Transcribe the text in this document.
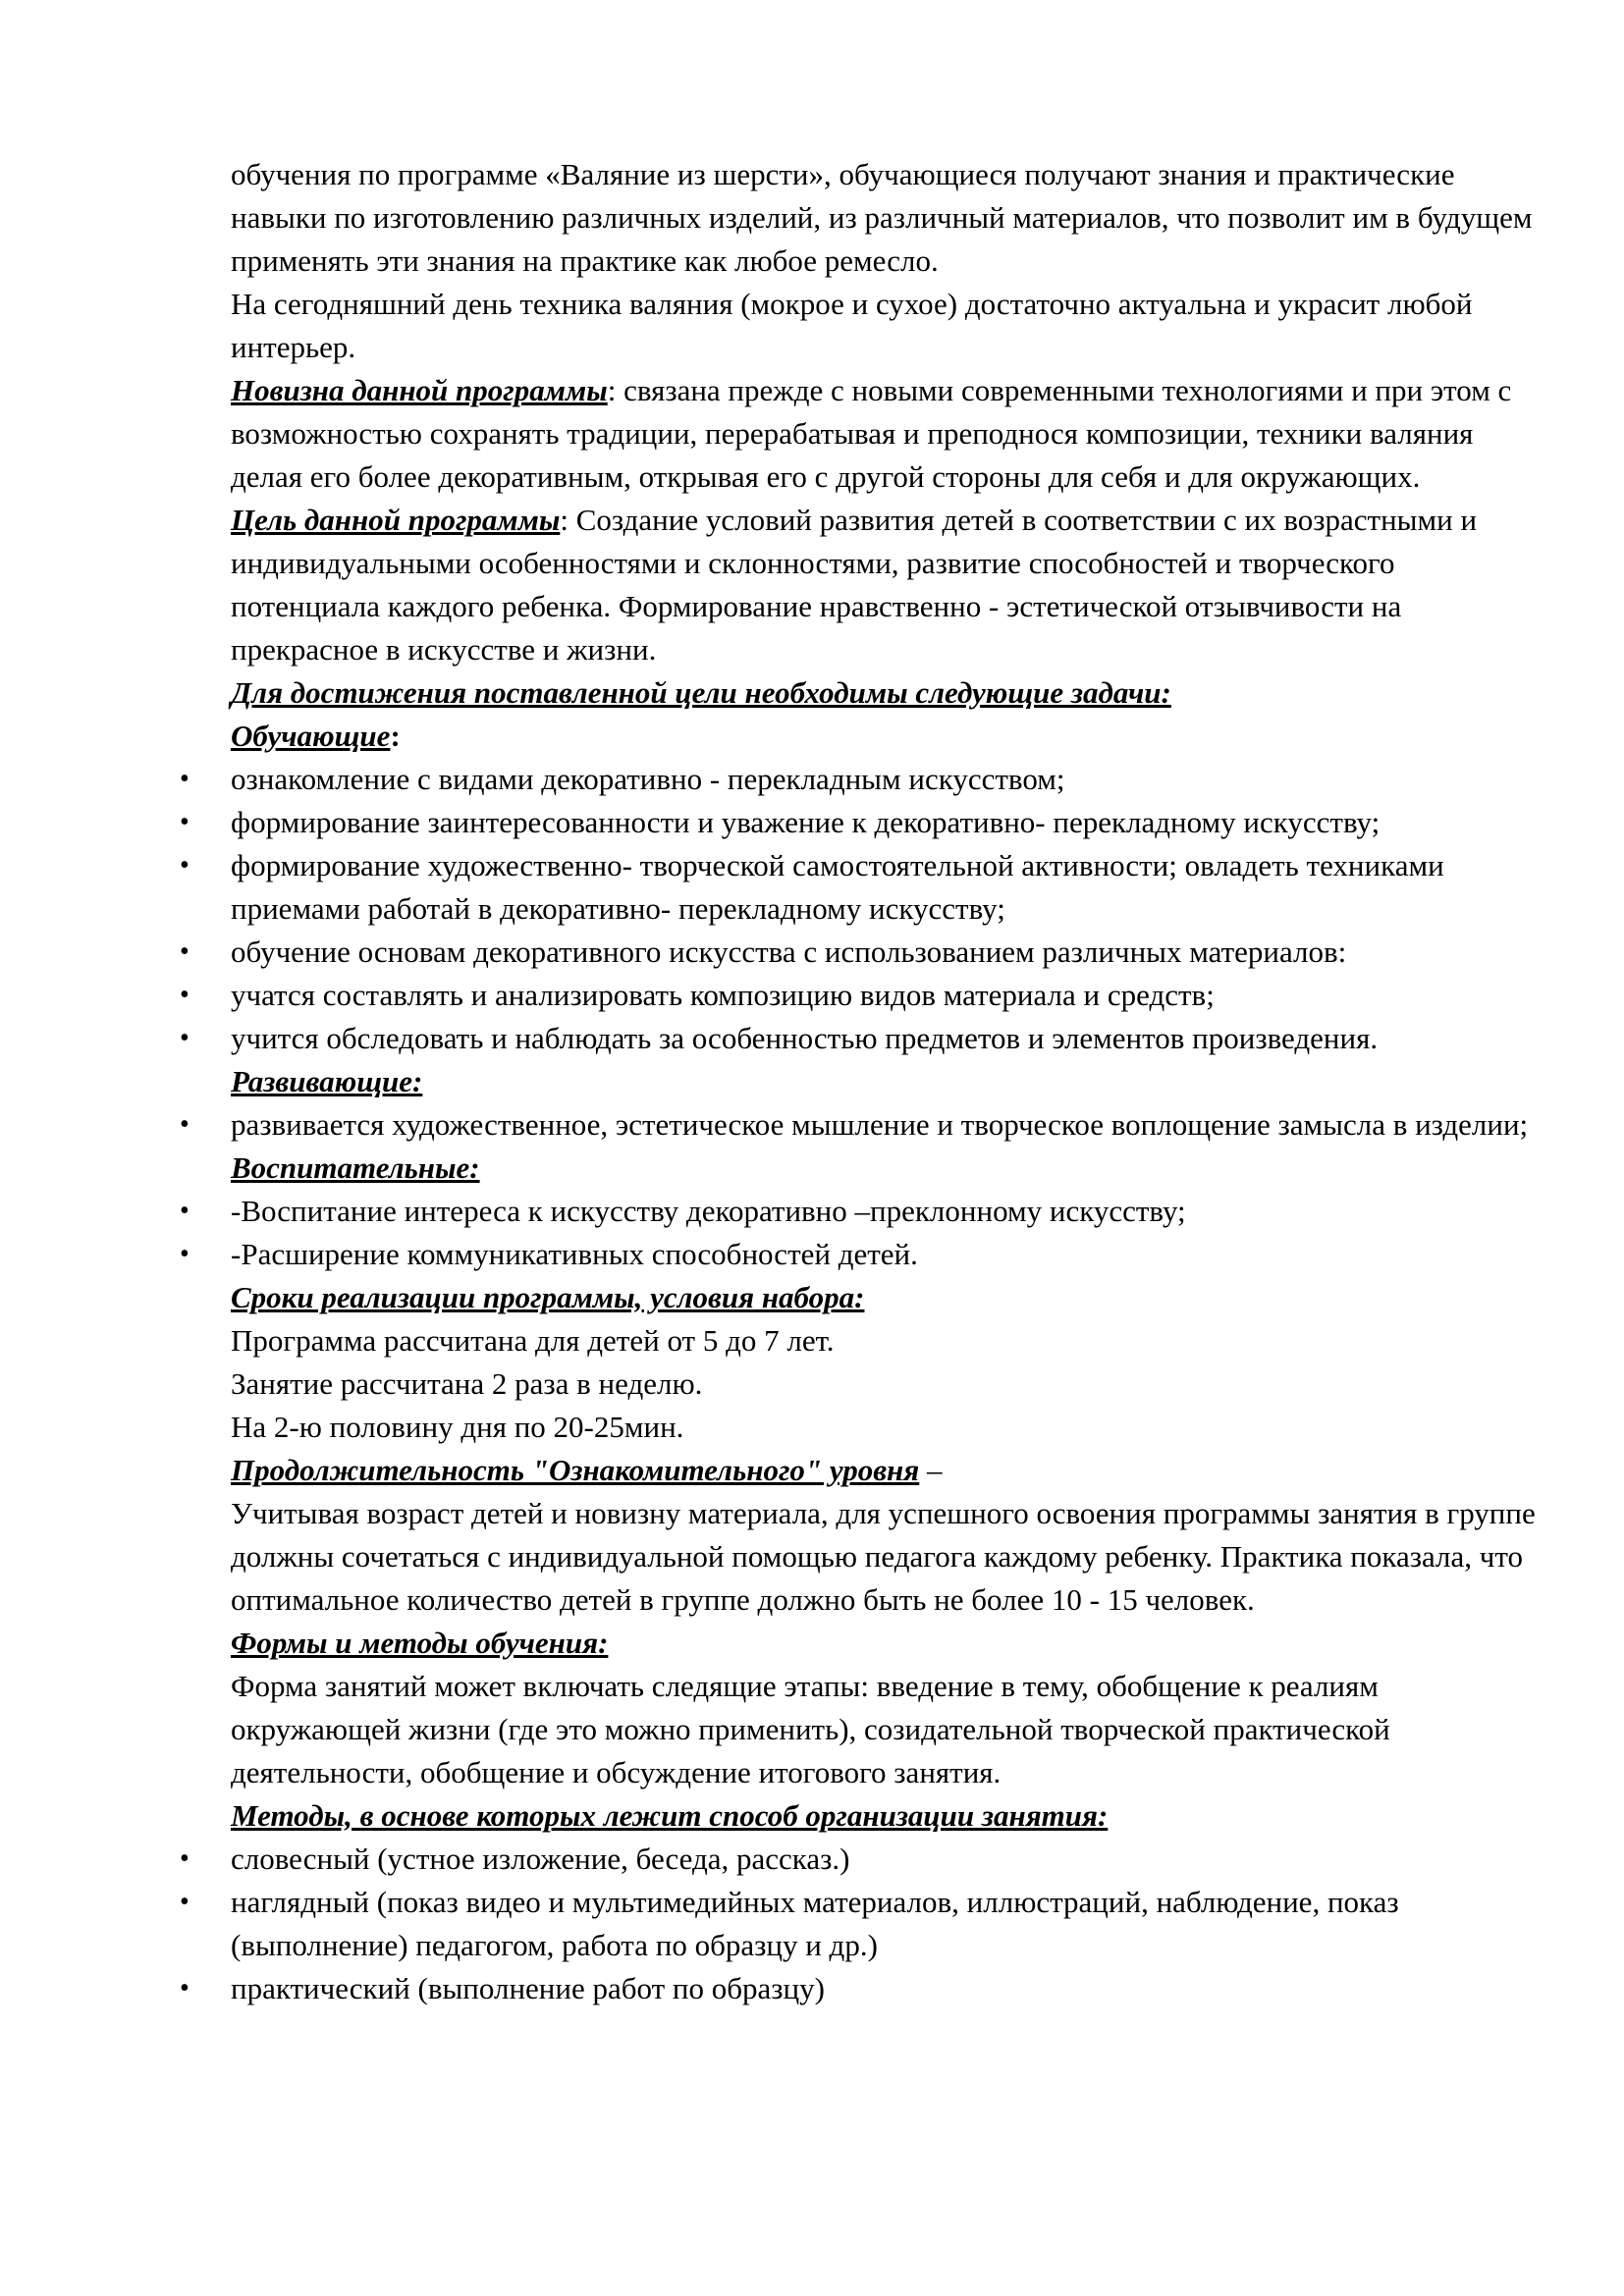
обучения по программе «Валяние из шерсти», обучающиеся получают знания и практические навыки по изготовлению различных изделий, из различный материалов, что позволит им в будущем применять эти знания на практике как любое ремесло.

На сегодняшний день техника валяния (мокрое и сухое) достаточно актуальна и украсит любой интерьер.

Новизна данной программы: связана прежде с новыми современными технологиями и при этом с возможностью сохранять традиции, перерабатывая и преподнося композиции, техники валяния делая его более декоративным, открывая его с другой стороны для себя и для окружающих.

Цель данной программы: Создание условий развития детей в соответствии с их возрастными и индивидуальными особенностями и склонностями, развитие способностей и творческого потенциала каждого ребенка. Формирование нравственно - эстетической отзывчивости на прекрасное в искусстве и жизни.

Для достижения поставленной цели необходимы следующие задачи:

Обучающие:

• ознакомление с видами декоративно - перекладным искусством;
• формирование заинтересованности и уважение к декоративно- перекладному искусству;
• формирование художественно- творческой самостоятельной активности; овладеть техниками приемами работай в декоративно- перекладному искусству;
• обучение основам декоративного искусства с использованием различных материалов:
• учатся составлять и анализировать композицию видов материала и средств;
• учится обследовать и наблюдать за особенностью предметов и элементов произведения.

Развивающие:

• развивается художественное, эстетическое мышление и творческое воплощение замысла в изделии;

Воспитательные:

• -Воспитание интереса к искусству декоративно –преклонному искусству;
• -Расширение коммуникативных способностей детей.

Сроки реализации программы, условия набора:

Программа рассчитана для детей от 5 до 7 лет.

Занятие рассчитана 2 раза в неделю.

На 2-ю половину дня по 20-25мин.

Продолжительность "Ознакомительного" уровня –

Учитывая возраст детей и новизну материала, для успешного освоения программы занятия в группе должны сочетаться с индивидуальной помощью педагога каждому ребенку. Практика показала, что оптимальное количество детей в группе должно быть не более 10 - 15 человек.

Формы и методы обучения:

Форма занятий может включать следящие этапы: введение в тему, обобщение к реалиям окружающей жизни (где это можно применить), созидательной творческой практической деятельности, обобщение и обсуждение итогового занятия.

Методы, в основе которых лежит способ организации занятия:

• словесный (устное изложение, беседа, рассказ.)
• наглядный (показ видео и мультимедийных материалов, иллюстраций, наблюдение, показ (выполнение) педагогом, работа по образцу и др.)
• практический (выполнение работ по образцу)
